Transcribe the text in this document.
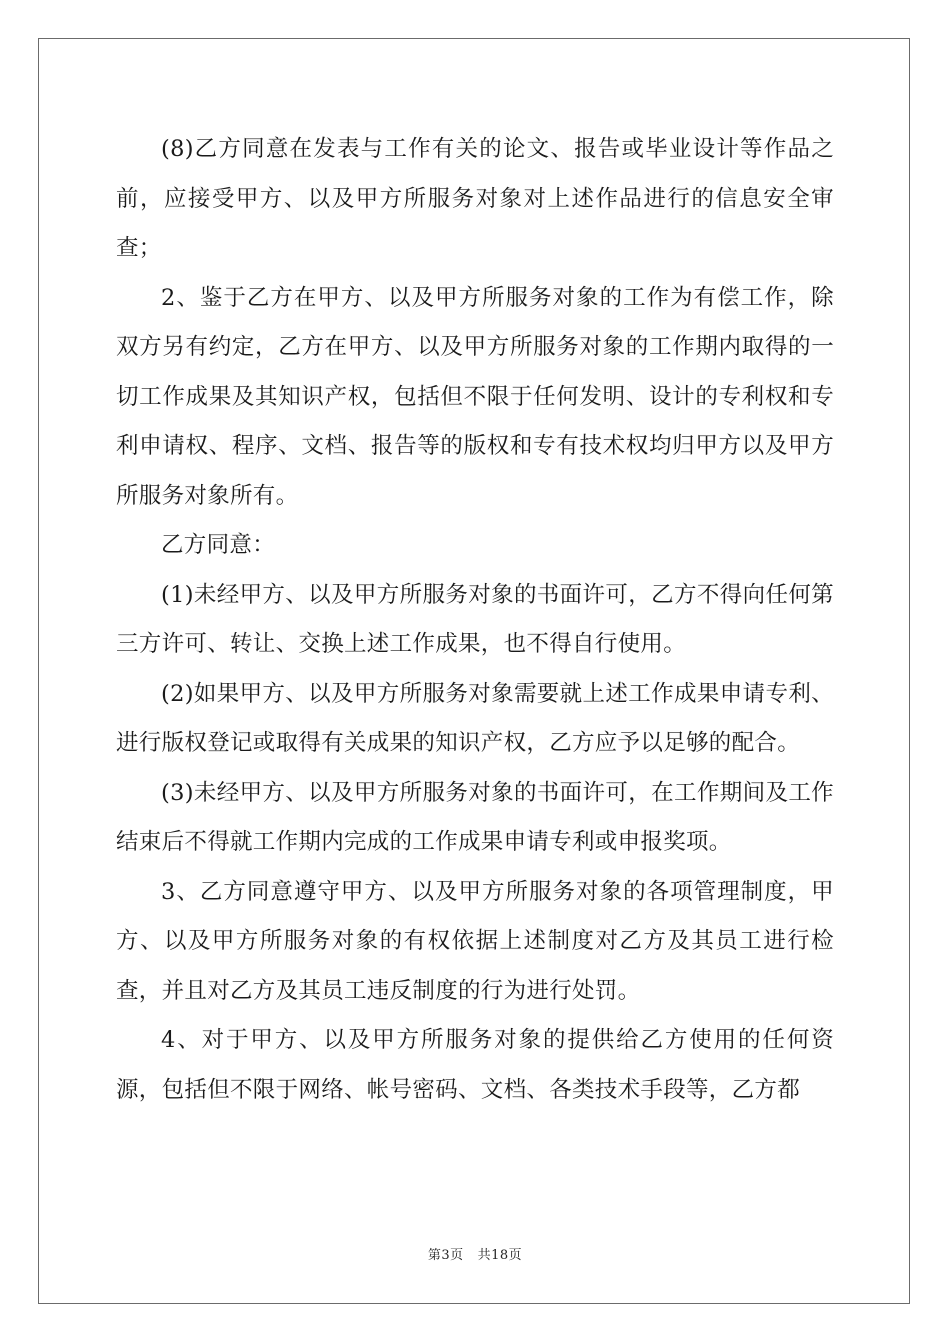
(8)乙方同意在发表与工作有关的论文、报告或毕业设计等作品之前，应接受甲方、以及甲方所服务对象对上述作品进行的信息安全审查；

2、鉴于乙方在甲方、以及甲方所服务对象的工作为有偿工作，除双方另有约定，乙方在甲方、以及甲方所服务对象的工作期内取得的一切工作成果及其知识产权，包括但不限于任何发明、设计的专利权和专利申请权、程序、文档、报告等的版权和专有技术权均归甲方以及甲方所服务对象所有。

乙方同意：

(1)未经甲方、以及甲方所服务对象的书面许可，乙方不得向任何第三方许可、转让、交换上述工作成果，也不得自行使用。

(2)如果甲方、以及甲方所服务对象需要就上述工作成果申请专利、进行版权登记或取得有关成果的知识产权，乙方应予以足够的配合。

(3)未经甲方、以及甲方所服务对象的书面许可，在工作期间及工作结束后不得就工作期内完成的工作成果申请专利或申报奖项。

3、乙方同意遵守甲方、以及甲方所服务对象的各项管理制度，甲方、以及甲方所服务对象的有权依据上述制度对乙方及其员工进行检查，并且对乙方及其员工违反制度的行为进行处罚。

4、对于甲方、以及甲方所服务对象的提供给乙方使用的任何资源，包括但不限于网络、帐号密码、文档、各类技术手段等，乙方都

第3页 共18页
